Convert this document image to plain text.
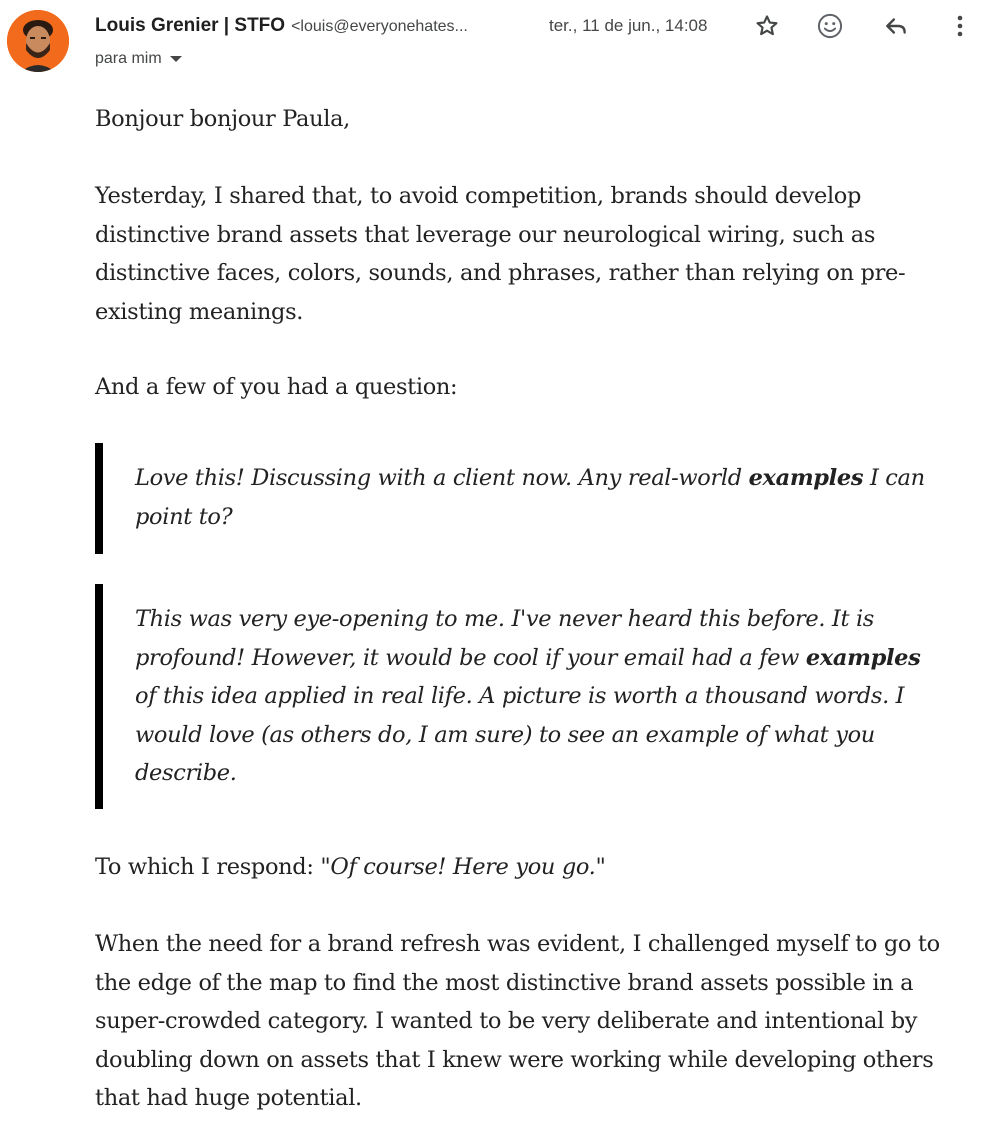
Louis Grenier | STFO <louis@everyonehates...	ter., 11 de jun., 14:08
para mim

Bonjour bonjour Paula,

Yesterday, I shared that, to avoid competition, brands should develop distinctive brand assets that leverage our neurological wiring, such as distinctive faces, colors, sounds, and phrases, rather than relying on pre-existing meanings.

And a few of you had a question:

Love this! Discussing with a client now. Any real-world examples I can point to?

This was very eye-opening to me. I've never heard this before. It is profound! However, it would be cool if your email had a few examples of this idea applied in real life. A picture is worth a thousand words. I would love (as others do, I am sure) to see an example of what you describe.

To which I respond: "Of course! Here you go."

When the need for a brand refresh was evident, I challenged myself to go to the edge of the map to find the most distinctive brand assets possible in a super-crowded category. I wanted to be very deliberate and intentional by doubling down on assets that I knew were working while developing others that had huge potential.
